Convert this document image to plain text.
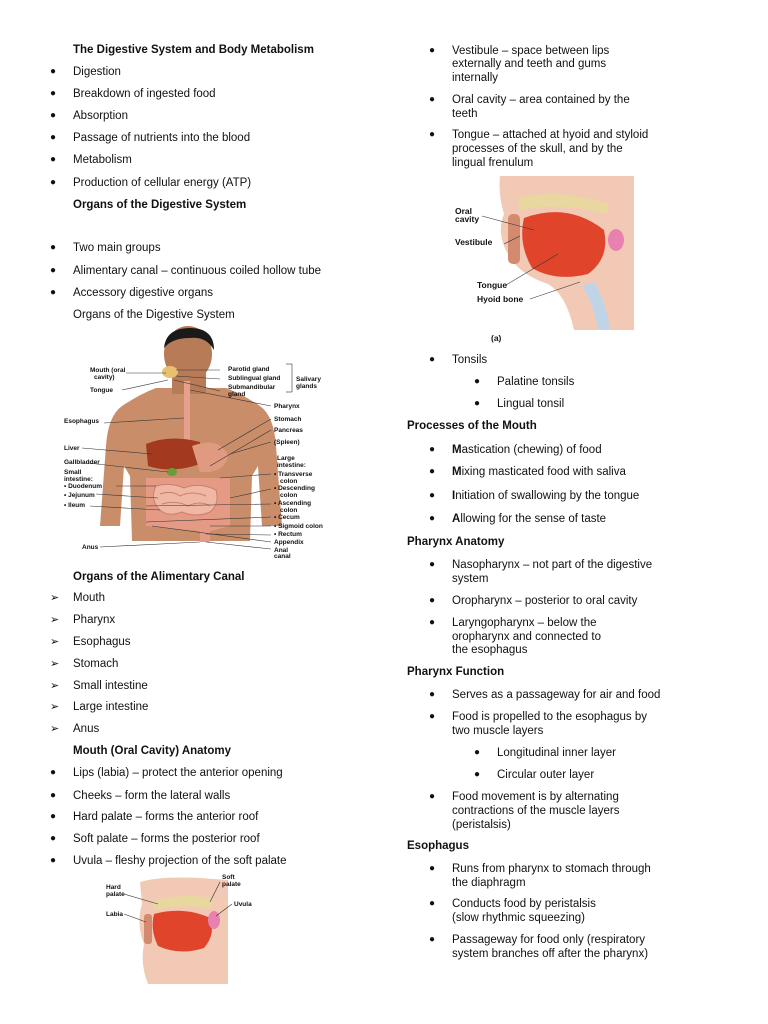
The Digestive System and Body Metabolism
● Digestion
● Breakdown of ingested food
● Absorption
● Passage of nutrients into the blood
● Metabolism
● Production of cellular energy (ATP)
Organs of the Digestive System
● Two main groups
● Alimentary canal – continuous coiled hollow tube
● Accessory digestive organs
Organs of the Digestive System
Mouth (oral
cavity)
Tongue
Esophagus
Liver
Gallbladder
Small
intestine:
• Duodenum
• Jejunum
• Ileum
Anus
Parotid gland
Sublingual gland
Submandibular
gland
Salivary
glands
Pharynx
Stomach
Pancreas
(Spleen)
Large
intestine:
• Transverse
colon
• Descending
colon
• Ascending
colon
• Cecum
• Sigmoid colon
• Rectum
Appendix
Anal
canal
Organs of the Alimentary Canal
➢ Mouth
➢ Pharynx
➢ Esophagus
➢ Stomach
➢ Small intestine
➢ Large intestine
➢ Anus
Mouth (Oral Cavity) Anatomy
● Lips (labia) – protect the anterior opening
● Cheeks – form the lateral walls
● Hard palate – forms the anterior roof
● Soft palate – forms the posterior roof
● Uvula – fleshy projection of the soft palate
Hard
palate
Labia
Soft
palate
Uvula
● Vestibule – space between lips
externally and teeth and gums
internally
● Oral cavity – area contained by the
teeth
● Tongue – attached at hyoid and styloid
processes of the skull, and by the
lingual frenulum
Oral
cavity
Vestibule
Tongue
Hyoid bone
(a)
● Tonsils
● Palatine tonsils
● Lingual tonsil
Processes of the Mouth
● Mastication (chewing) of food
● Mixing masticated food with saliva
● Initiation of swallowing by the tongue
● Allowing for the sense of taste
Pharynx Anatomy
● Nasopharynx – not part of the digestive
system
● Oropharynx – posterior to oral cavity
● Laryngopharynx – below the
oropharynx and connected to
the esophagus
Pharynx Function
● Serves as a passageway for air and food
● Food is propelled to the esophagus by
two muscle layers
● Longitudinal inner layer
● Circular outer layer
● Food movement is by alternating
contractions of the muscle layers
(peristalsis)
Esophagus
● Runs from pharynx to stomach through
the diaphragm
● Conducts food by peristalsis
(slow rhythmic squeezing)
● Passageway for food only (respiratory
system branches off after the pharynx)
